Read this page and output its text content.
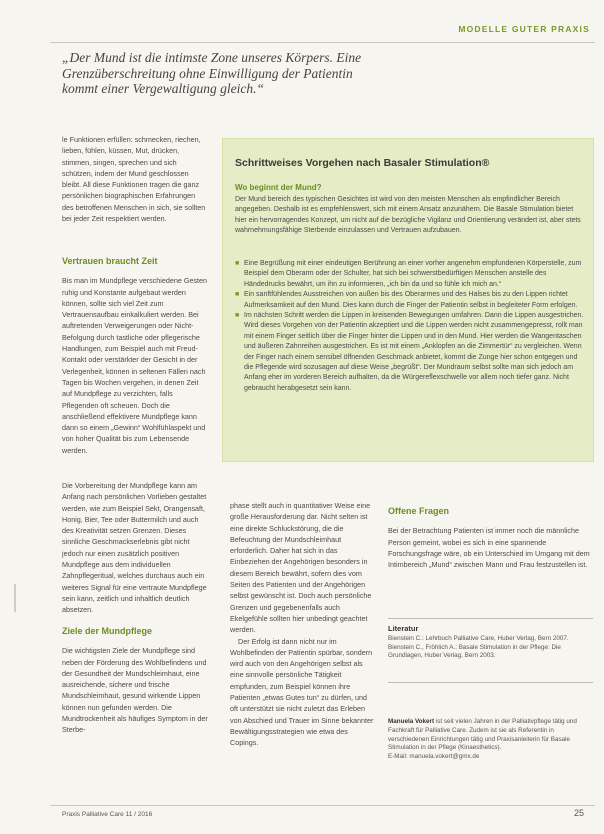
MODELLE GUTER PRAXIS
„Der Mund ist die intimste Zone unseres Körpers. Eine Grenzüberschreitung ohne Einwilligung der Patientin kommt einer Vergewaltigung gleich.“

le Funktionen erfüllen: schmecken, riechen, lieben, fühlen, küssen, Mut, drücken, stimmen, singen, sprechen und sich schützen, indem der Mund geschlossen bleibt. All diese Funktionen tragen die ganz persönlichen biographischen Erfahrungen des betroffenen Menschen in sich, sie sollten bei jeder Zeit respektiert werden.

Vertrauen braucht Zeit

Bis man im Mundpflege verschiedene Gesten ruhig und Konstante aufgebaut werden können, sollte sich viel Zeit zum Vertrauensaufbau einkalkuliert werden. Bei auftretenden Verweigerungen oder Nicht-Befolgung durch tastliche oder pflegerische Handlungen, zum Beispiel auch mit Freud-Kontakt oder verstärkter der Gesicht in der Verlegenheit, können in seltenen Fällen nach Tagen bis Wochen vergehen, in denen Zeit auf Mundpflege zu verzichten, falls Pflegenden oft scheuen. Doch die anschließend effektivere Mundpflege kann dann so einem „Gewinn“ Wohlfühlaspekt und von hoher Qualität bis zum Lebensende werden.

Die Vorbereitung der Mundpflege kann am Anfang nach persönlichen Vorlieben gestaltet werden, wie zum Beispiel Sekt, Orangensaft, Honig, Bier, Tee oder Buttermilch und auch des Kreativität setzen Grenzen. Dieses sinnliche Geschmackserlebnis gibt nicht jedoch nur einen zusätzlich positiven Mundpflege aus dem individuellen Zahnpflegeritual, welches durchaus auch ein weiteres Signal für eine vertraute Mundpflege sein kann, zeitlich und inhaltlich deutlich absetzen.

Ziele der Mundpflege

Die wichtigsten Ziele der Mundpflege sind neben der Förderung des Wohlbefindens und der Gesundheit der Mundschleimhaut, eine ausreichende, sichere und frische Mundschleimhaut, gesund wirkende Lippen können nun gefunden werden. Die Mundtrockenheit als häufiges Symptom in der Sterbe-

Schrittweises Vorgehen nach Basaler Stimulation®
Wo beginnt der Mund?
Der Mund bereich des typischen Gesichtes ist wird von den meisten Menschen als empfindlicher Bereich angegeben. Deshalb ist es empfehlenswert, sich mit einem Ansatz anzunähern. Die Basale Stimulation bietet hier ein hervorragendes Konzept, um nicht auf die bezügliche Vigilanz und Orientierung verändert ist, aber stets wahrnehmungsfähige Sterbende einzulassen und Vertrauen aufzubauen.
■ Eine Begrüßung mit einer eindeutigen Berührung an einer vorher angenehm empfundenen Körperstelle, zum Beispiel dem Oberarm oder der Schulter, hat sich bei schwerstbedürftigen Menschen anstelle des Händedrucks bewährt, um ihn zu informieren, „ich bin da und so fühle ich mich an.“
■ Ein sanftfühlendes Ausstreichen von außen bis des Oberarmes und des Halses bis zu den Lippen richtet Aufmerksamkeit auf den Mund. Dies kann durch die Finger der Patientin selbst in begleiteter Form erfolgen.
■ Im nächsten Schritt werden die Lippen in kreisenden Bewegungen umfahren. Dann die Lippen ausgestrichen. Wird dieses Vorgehen von der Patientin akzeptiert und die Lippen werden nicht zusammengepresst, rollt man mit einem Finger seitlich über die Finger hinter die Lippen und in den Mund. Hier werden die Wangentaschen und äußeren Zahnreihen ausgestrichen. Es ist mit einem „Anklopfen an die Zimmertür“ zu vergleichen. Wenn der Finger nach einem sensibel öffnenden Geschmack anbietet, kommt die Zunge hier schon entgegen und die Pflegende wird sozusagen auf diese Weise „begrüßt“. Der Mundraum selbst sollte man sich jedoch am Anfang eher im vorderen Bereich aufhalten, da die Würgereflexschwelle vor allem noch tiefer ganz. Nicht gebraucht herabgesetzt sein kann.

phase stellt auch in quantitativer Weise eine große Herausforderung dar. Nicht selten ist eine direkte Schluckstörung, die die Befeuchtung der Mundschleimhaut erforderlich. Daher hat sich in das Einbeziehen der Angehörigen besonders in diesem Bereich bewährt, sofern dies vom Seiten des Patienten und der Angehörigen selbst gewünscht ist. Doch auch persönliche Grenzen und gegebenenfalls auch Ekelgefühle sollten hier unbedingt geachtet werden.

Der Erfolg ist dann nicht nur im Wohlbefinden der Patientin spürbar, sondern wird auch von den Angehörigen selbst als eine sinnvolle persönliche Tätigkeit empfunden, zum Beispiel können ihre Patienten „etwas Gutes tun“ zu dürfen, und oft unterstützt sie nicht zuletzt das Erleben von Abschied und Trauer im Sinne bekannter Bewältigungsstrategien wie etwa des Copings.

Offene Fragen

Bei der Betrachtung Patienten ist immer noch die männliche Person gemeint, wobei es sich in eine spannende Forschungsfrage wäre, ob ein Unterschied im Umgang mit dem Intimbereich „Mund“ zwischen Mann und Frau festzustellen ist.

Literatur
Bienstein C.: Lehrbuch Palliative Care, Huber Verlag, Bern 2007.
Bienstein C., Fröhlich A.: Basale Stimulation in der Pflege: Die Grundlagen, Huber Verlag, Bern 2003.
Manuela Vokert ist seit vielen Jahren in der Palliativpflege tätig und Fachkraft für Palliative Care. Zudem ist sie als Referentin in verschiedenen Einrichtungen tätig und Praxisanleiterin für Basale Stimulation in der Pflege (Kinaesthetics).
E-Mail: manuela.vokert@gmx.de
Praxis Palliative Care 11 / 2016	25
